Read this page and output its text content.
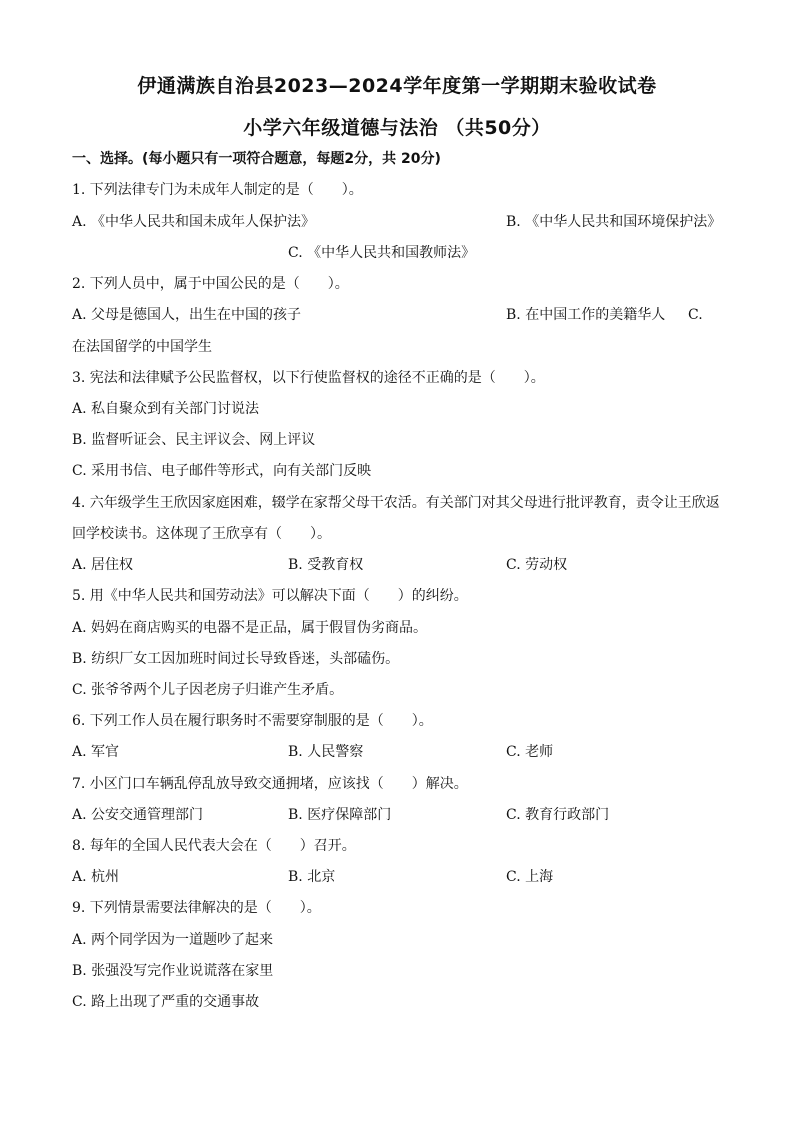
伊通满族自治县2023—2024学年度第一学期期末验收试卷
小学六年级道德与法治 （共50分）
一、选择。(每小题只有一项符合题意，每题2分，共 20分)
1. 下列法律专门为未成年人制定的是（　　）。
A. 《中华人民共和国未成年人保护法》	B. 《中华人民共和国环境保护法》
C. 《中华人民共和国教师法》
2. 下列人员中，属于中国公民的是（　　）。
A. 父母是德国人，出生在中国的孩子	B. 在中国工作的美籍华人 C.
在法国留学的中国学生
3. 宪法和法律赋予公民监督权，以下行使监督权的途径不正确的是（　　）。
A. 私自聚众到有关部门讨说法
B. 监督听证会、民主评议会、网上评议
C. 采用书信、电子邮件等形式，向有关部门反映
4. 六年级学生王欣因家庭困难，辍学在家帮父母干农活。有关部门对其父母进行批评教育，责令让王欣返
回学校读书。这体现了王欣享有（　　）。
A. 居住权	B. 受教育权	C. 劳动权
5. 用《中华人民共和国劳动法》可以解决下面（　　）的纠纷。
A. 妈妈在商店购买的电器不是正品，属于假冒伪劣商品。
B. 纺织厂女工因加班时间过长导致昏迷，头部磕伤。
C. 张爷爷两个儿子因老房子归谁产生矛盾。
6. 下列工作人员在履行职务时不需要穿制服的是（　　）。
A. 军官	B. 人民警察	C. 老师
7. 小区门口车辆乱停乱放导致交通拥堵，应该找（　　）解决。
A. 公安交通管理部门	B. 医疗保障部门	C. 教育行政部门
8. 每年的全国人民代表大会在（　　）召开。
A. 杭州	B. 北京	C. 上海
9. 下列情景需要法律解决的是（　　）。
A. 两个同学因为一道题吵了起来
B. 张强没写完作业说谎落在家里
C. 路上出现了严重的交通事故
